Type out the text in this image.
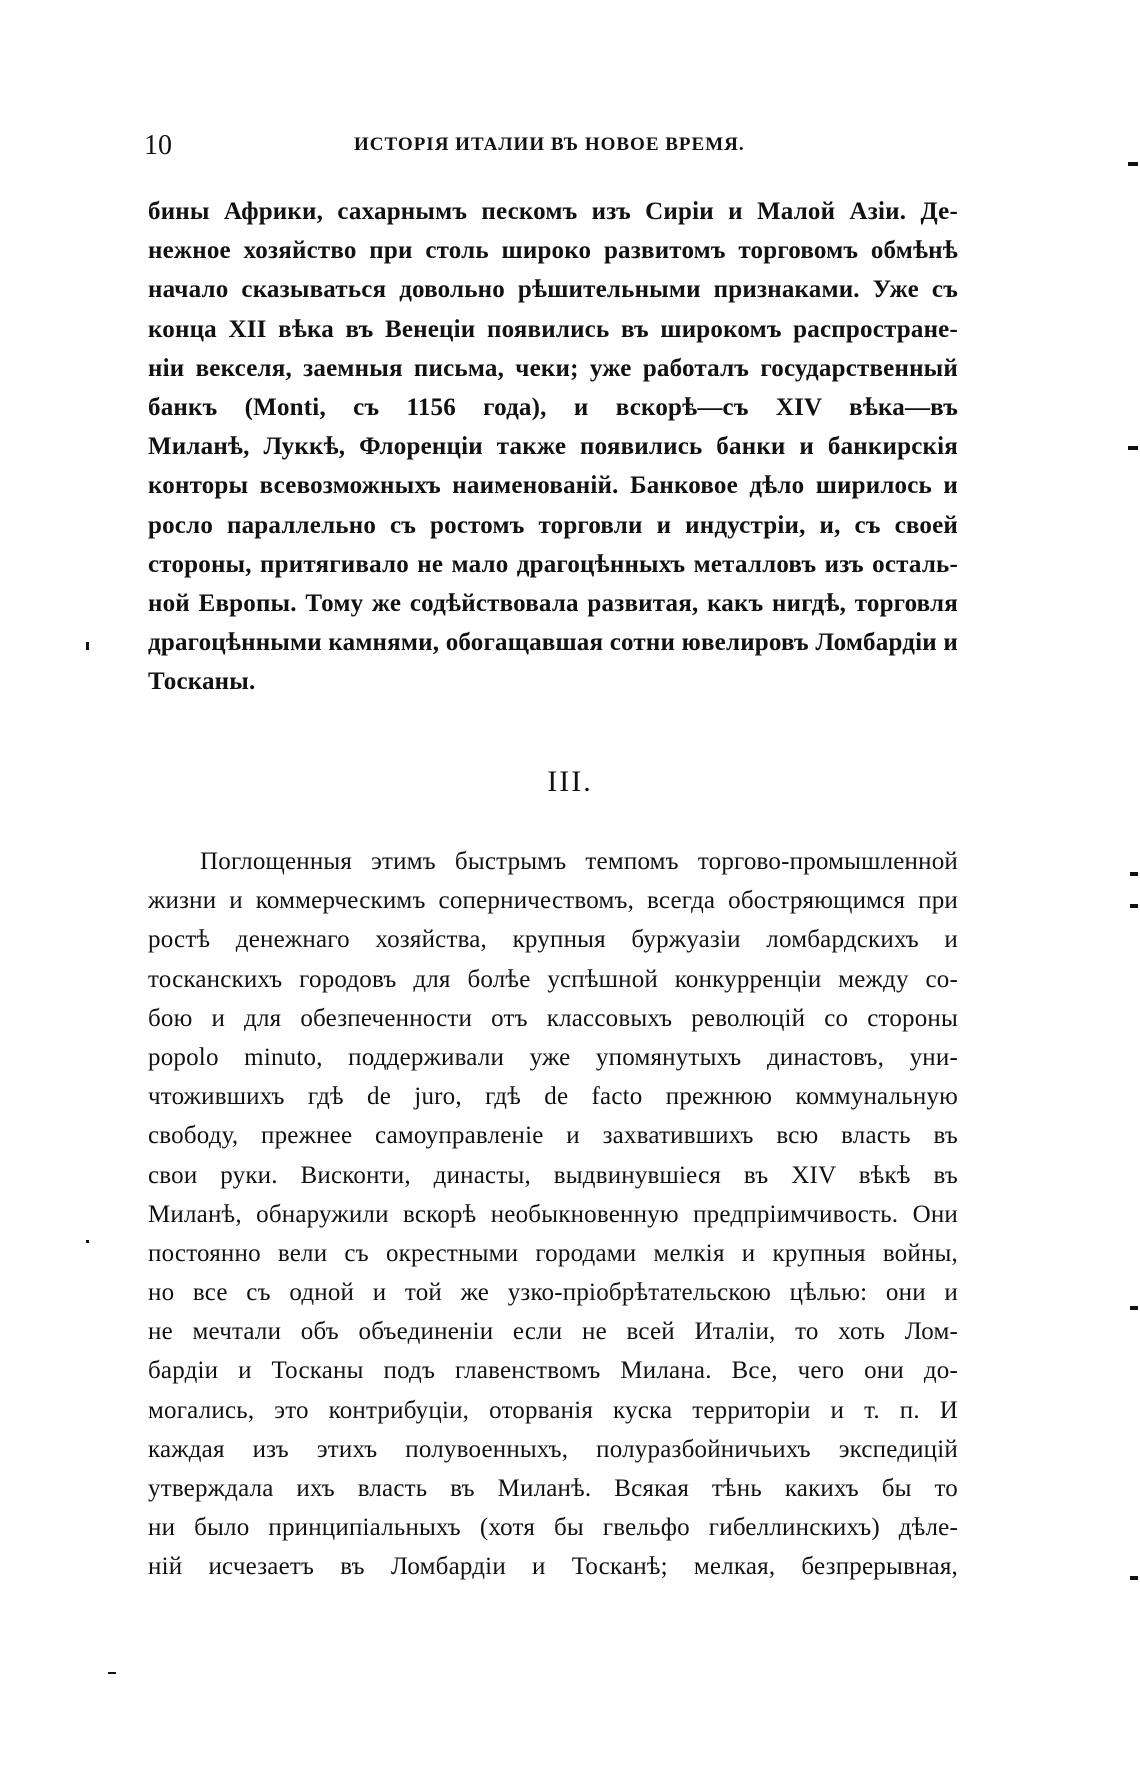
10	ИСТОРІЯ ИТАЛИИ ВЪ НОВОЕ ВРЕМЯ.
бины Африки, сахарнымъ пескомъ изъ Сиріи и Малой Азіи. Де-
нежное хозяйство при столь широко развитомъ торговомъ обмѣнѣ
начало сказываться довольно рѣшительными признаками. Уже съ
конца XII вѣка въ Венеціи появились въ широкомъ распростране-
ніи векселя, заемныя письма, чеки; уже работалъ государственный
банкъ (Monti, съ 1156 года), и вскорѣ—съ XIV вѣка—въ
Миланѣ, Луккѣ, Флоренціи также появились банки и банкирскія
конторы всевозможныхъ наименованій. Банковое дѣло ширилось и
росло параллельно съ ростомъ торговли и индустріи, и, съ своей
стороны, притягивало не мало драгоцѣнныхъ металловъ изъ осталь-
ной Европы. Тому же содѣйствовала развитая, какъ нигдѣ, торговля
драгоцѣнными камнями, обогащавшая сотни ювелировъ Ломбардіи и
Тосканы.
III.
Поглощенныя этимъ быстрымъ темпомъ торгово-промышленной
жизни и коммерческимъ соперничествомъ, всегда обостряющимся при
ростѣ денежнаго хозяйства, крупныя буржуазіи ломбардскихъ и
тосканскихъ городовъ для болѣе успѣшной конкурренціи между со-
бою и для обезпеченности отъ классовыхъ революцій со стороны
popolo minuto, поддерживали уже упомянутыхъ династовъ, уни-
чтожившихъ гдѣ de juro, гдѣ de facto прежнюю коммунальную
свободу, прежнее самоуправленіе и захватившихъ всю власть въ
свои руки. Висконти, династы, выдвинувшіеся въ XIV вѣкѣ въ
Миланѣ, обнаружили вскорѣ необыкновенную предпріимчивость. Они
постоянно вели съ окрестными городами мелкія и крупныя войны,
но все съ одной и той же узко-пріобрѣтательскою цѣлью: они и
не мечтали объ объединеніи если не всей Италіи, то хоть Лом-
бардіи и Тосканы подъ главенствомъ Милана. Все, чего они до-
могались, это контрибуціи, оторванія куска территоріи и т. п. И
каждая изъ этихъ полувоенныхъ, полуразбойничьихъ экспедицій
утверждала ихъ власть въ Миланѣ. Всякая тѣнь какихъ бы то
ни было принципіальныхъ (хотя бы гвельфо гибеллинскихъ) дѣле-
ній исчезаетъ въ Ломбардіи и Тосканѣ; мелкая, безпрерывная,
